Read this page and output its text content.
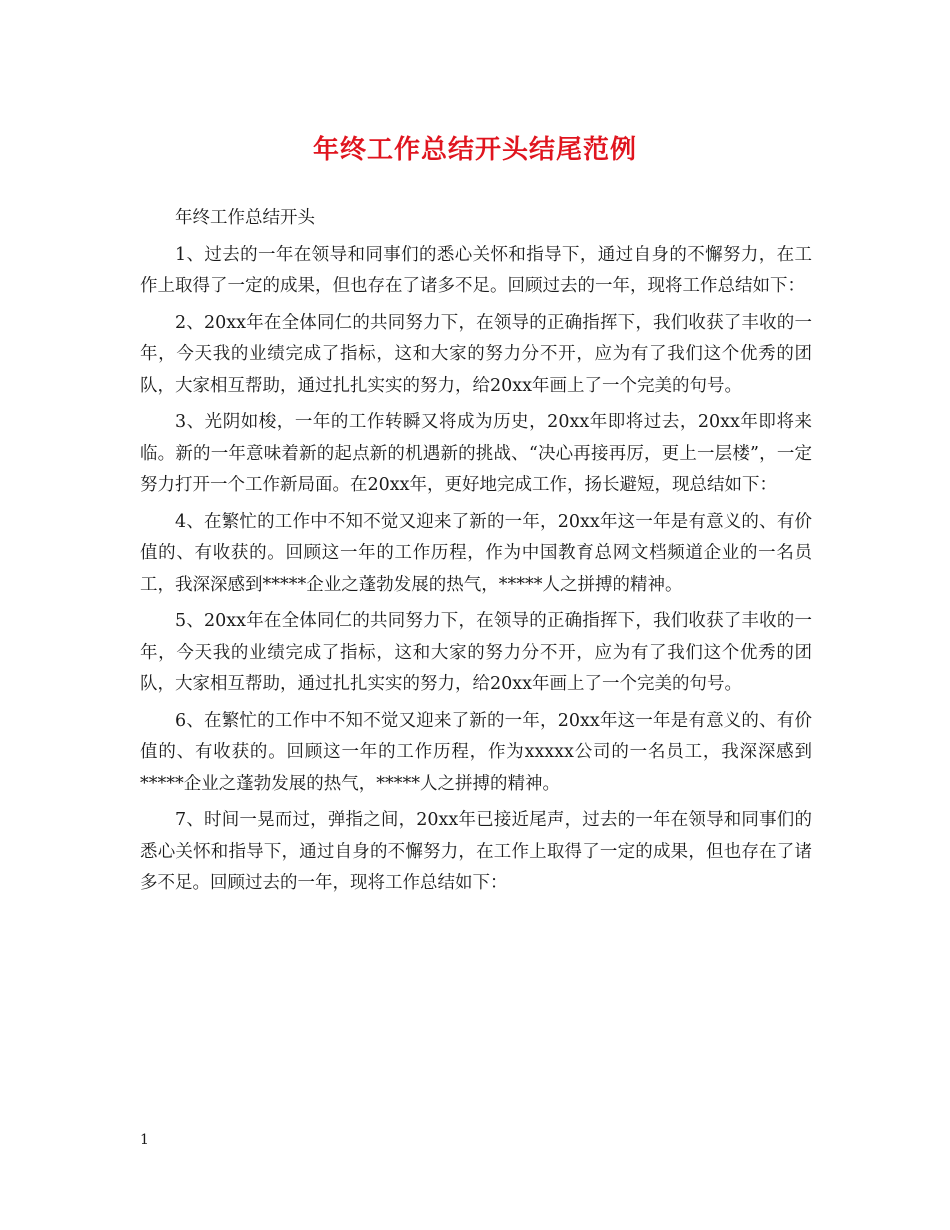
年终工作总结开头结尾范例

年终工作总结开头

1、过去的一年在领导和同事们的悉心关怀和指导下，通过自身的不懈努力，在工作上取得了一定的成果，但也存在了诸多不足。回顾过去的一年，现将工作总结如下：

2、20xx年在全体同仁的共同努力下，在领导的正确指挥下，我们收获了丰收的一年，今天我的业绩完成了指标，这和大家的努力分不开，应为有了我们这个优秀的团队，大家相互帮助，通过扎扎实实的努力，给20xx年画上了一个完美的句号。

3、光阴如梭，一年的工作转瞬又将成为历史，20xx年即将过去，20xx年即将来临。新的一年意味着新的起点新的机遇新的挑战、“决心再接再厉，更上一层楼”，一定努力打开一个工作新局面。在20xx年，更好地完成工作，扬长避短，现总结如下：

4、在繁忙的工作中不知不觉又迎来了新的一年，20xx年这一年是有意义的、有价值的、有收获的。回顾这一年的工作历程，作为中国教育总网文档频道企业的一名员工，我深深感到*****企业之蓬勃发展的热气，*****人之拼搏的精神。

5、20xx年在全体同仁的共同努力下，在领导的正确指挥下，我们收获了丰收的一年，今天我的业绩完成了指标，这和大家的努力分不开，应为有了我们这个优秀的团队，大家相互帮助，通过扎扎实实的努力，给20xx年画上了一个完美的句号。

6、在繁忙的工作中不知不觉又迎来了新的一年，20xx年这一年是有意义的、有价值的、有收获的。回顾这一年的工作历程，作为xxxxx公司的一名员工，我深深感到*****企业之蓬勃发展的热气，*****人之拼搏的精神。

7、时间一晃而过，弹指之间，20xx年已接近尾声，过去的一年在领导和同事们的悉心关怀和指导下，通过自身的不懈努力，在工作上取得了一定的成果，但也存在了诸多不足。回顾过去的一年，现将工作总结如下：

1
